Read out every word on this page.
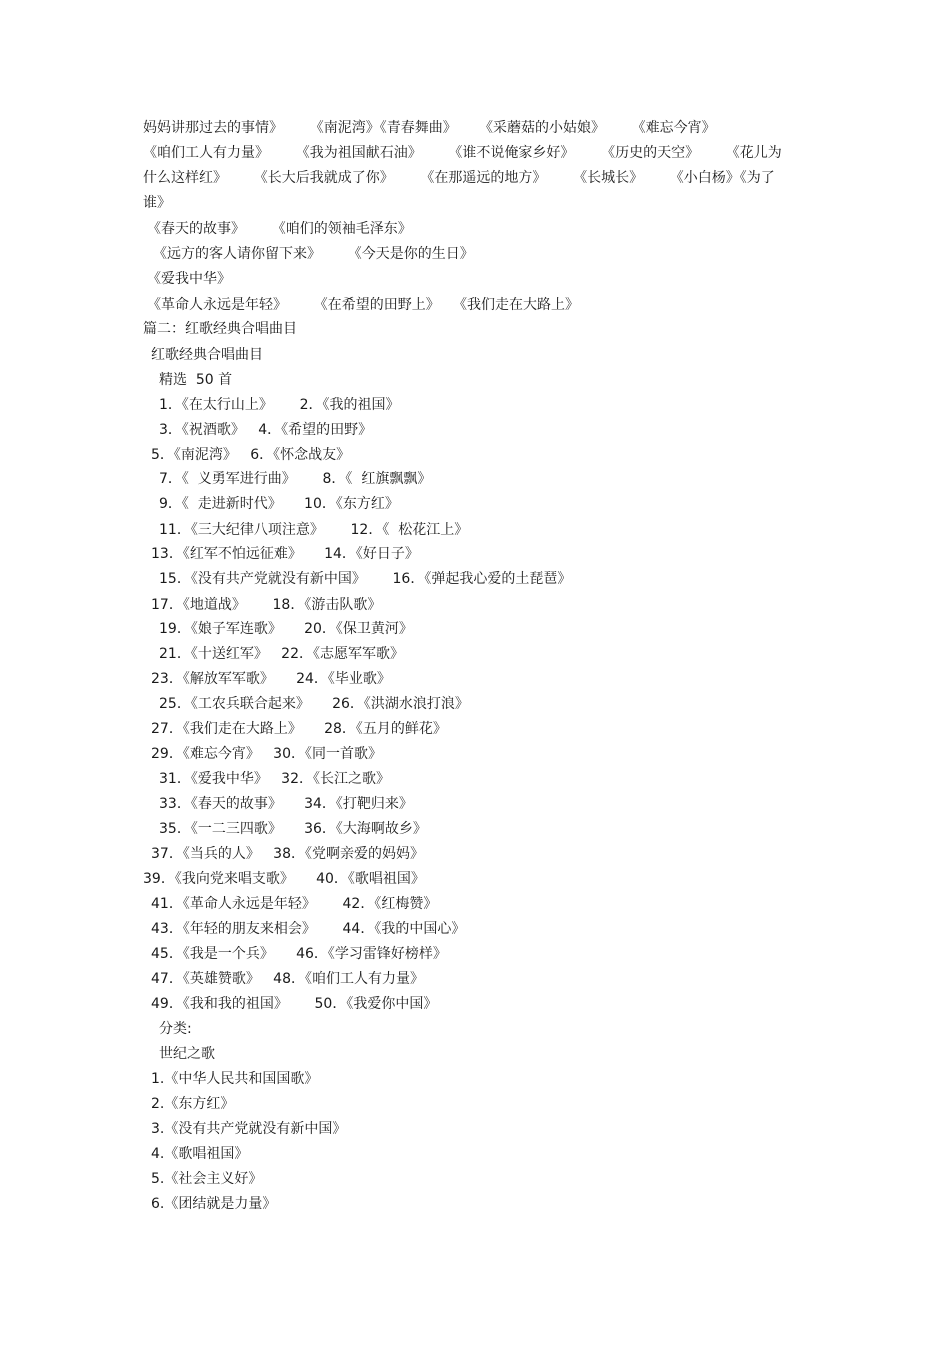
妈妈讲那过去的事情》      《南泥湾》《青春舞曲》     《采蘑菇的小姑娘》      《难忘今宵》
《咱们工人有力量》      《我为祖国献石油》      《谁不说俺家乡好》      《历史的天空》      《花儿为
什么这样红》      《长大后我就成了你》      《在那遥远的地方》      《长城长》      《小白杨》《为了
谁》
《春天的故事》      《咱们的领袖毛泽东》
《远方的客人请你留下来》      《今天是你的生日》
《爱我中华》
《革命人永远是年轻》      《在希望的田野上》   《我们走在大路上》
篇二：红歌经典合唱曲目
红歌经典合唱曲目
精选  50 首
1．《在太行山上》      2．《我的祖国》
3．《祝酒歌》   4．《希望的田野》
5．《南泥湾》   6．《怀念战友》
7．《  义勇军进行曲》      8．《  红旗飘飘》
9．《  走进新时代》     10．《东方红》
11．《三大纪律八项注意》      12．《  松花江上》
13．《红军不怕远征难》     14．《好日子》
15．《没有共产党就没有新中国》      16．《弹起我心爱的土琵琶》
17．《地道战》      18．《游击队歌》
19．《娘子军连歌》     20．《保卫黄河》
21．《十送红军》   22．《志愿军军歌》
23．《解放军军歌》     24．《毕业歌》
25．《工农兵联合起来》     26．《洪湖水浪打浪》
27．《我们走在大路上》     28．《五月的鲜花》
29．《难忘今宵》   30．《同一首歌》
31．《爱我中华》   32．《长江之歌》
33．《春天的故事》     34．《打靶归来》
35．《一二三四歌》     36．《大海啊故乡》
37．《当兵的人》   38．《党啊亲爱的妈妈》
39．《我向党来唱支歌》     40．《歌唱祖国》
41．《革命人永远是年轻》      42．《红梅赞》
43．《年轻的朋友来相会》      44．《我的中国心》
45．《我是一个兵》     46．《学习雷锋好榜样》
47．《英雄赞歌》   48．《咱们工人有力量》
49．《我和我的祖国》      50．《我爱你中国》
分类:
世纪之歌
1.《中华人民共和国国歌》
2.《东方红》
3.《没有共产党就没有新中国》
4.《歌唱祖国》
5.《社会主义好》
6.《团结就是力量》
